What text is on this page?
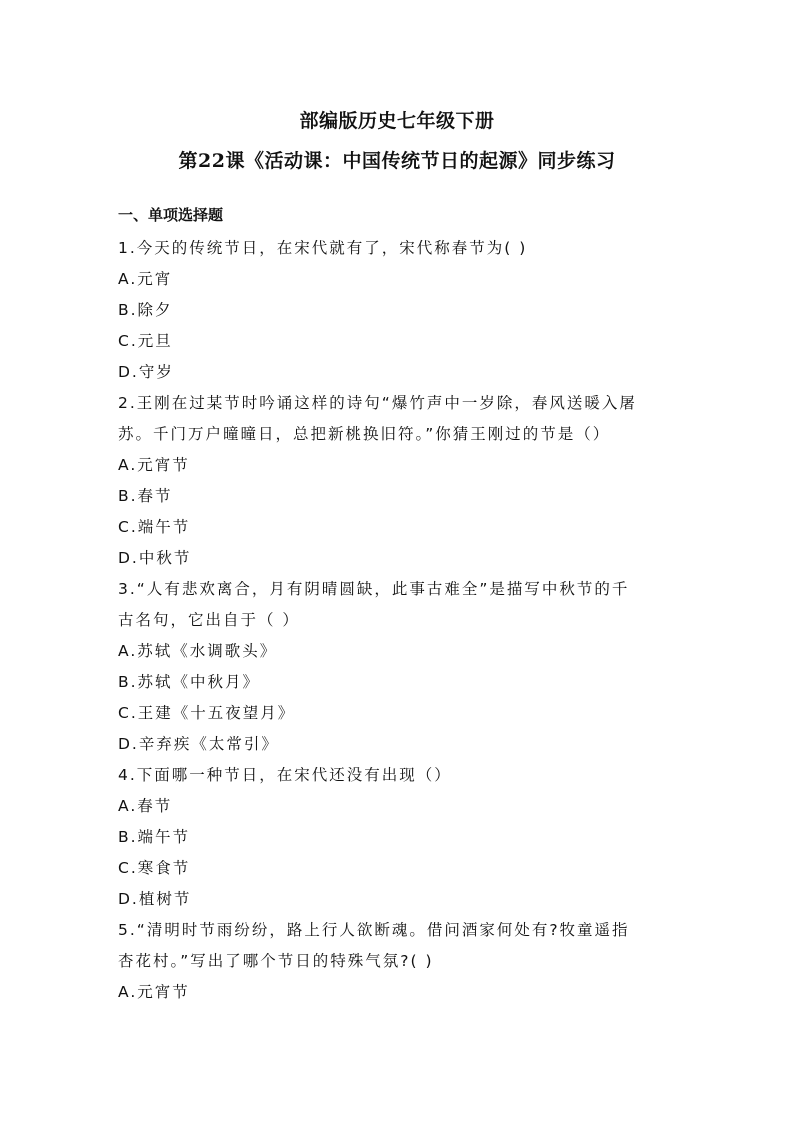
部编版历史七年级下册
第22课《活动课：中国传统节日的起源》同步练习
一、单项选择题
1.今天的传统节日，在宋代就有了，宋代称春节为( )
A.元宵
B.除夕
C.元旦
D.守岁
2.王刚在过某节时吟诵这样的诗句“爆竹声中一岁除，春风送暖入屠
苏。千门万户曈曈日，总把新桃换旧符。”你猜王刚过的节是（）
A.元宵节
B.春节
C.端午节
D.中秋节
3.“人有悲欢离合，月有阴晴圆缺，此事古难全”是描写中秋节的千
古名句，它出自于（ ）
A.苏轼《水调歌头》
B.苏轼《中秋月》
C.王建《十五夜望月》
D.辛弃疾《太常引》
4.下面哪一种节日，在宋代还没有出现（）
A.春节
B.端午节
C.寒食节
D.植树节
5.“清明时节雨纷纷，路上行人欲断魂。借问酒家何处有?牧童遥指
杏花村。”写出了哪个节日的特殊气氛?( )
A.元宵节
